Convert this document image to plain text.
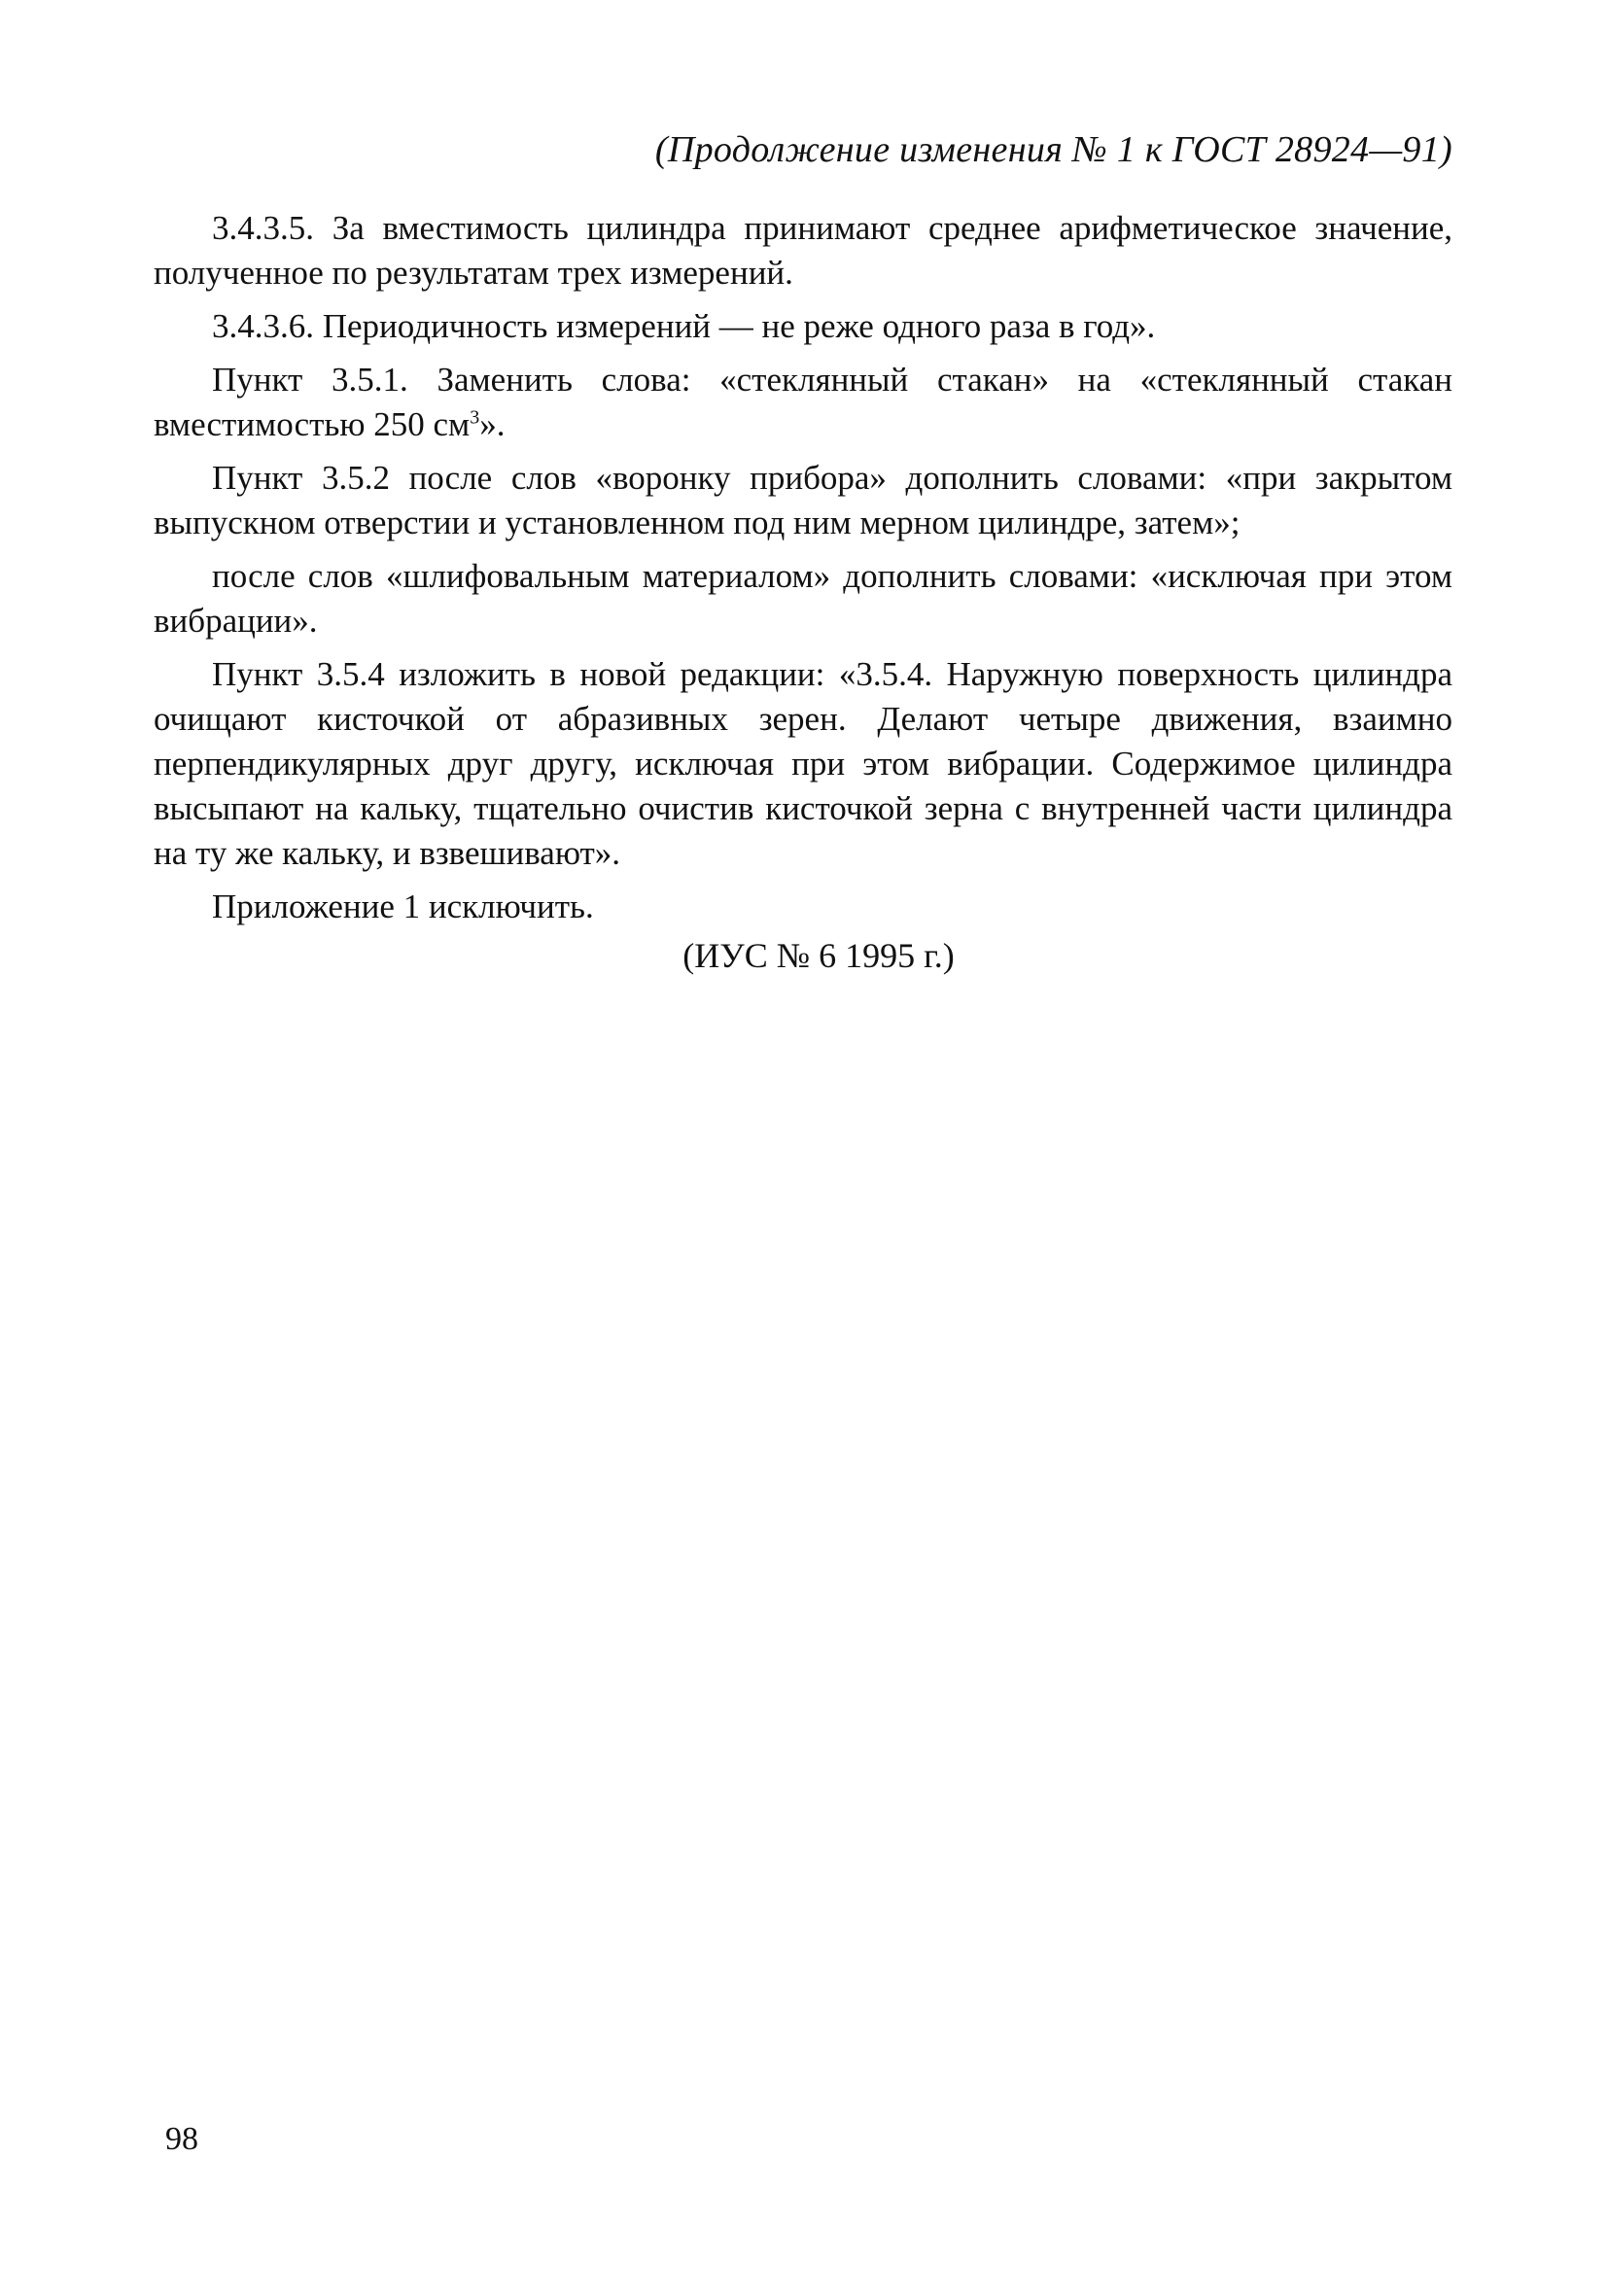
(Продолжение изменения № 1 к ГОСТ 28924—91)

3.4.3.5. За вместимость цилиндра принимают среднее арифметическое значение, полученное по результатам трех измерений.

3.4.3.6. Периодичность измерений — не реже одного раза в год».

Пункт 3.5.1. Заменить слова: «стеклянный стакан» на «стеклянный стакан вместимостью 250 $см^3$».

Пункт 3.5.2 после слов «воронку прибора» дополнить словами: «при закрытом выпускном отверстии и установленном под ним мерном цилиндре, затем»;

после слов «шлифовальным материалом» дополнить словами: «исключая при этом вибрации».

Пункт 3.5.4 изложить в новой редакции: «3.5.4. Наружную поверхность цилиндра очищают кисточкой от абразивных зерен. Делают четыре движения, взаимно перпендикулярных друг другу, исключая при этом вибрации. Содержимое цилиндра высыпают на кальку, тщательно очистив кисточкой зерна с внутренней части цилиндра на ту же кальку, и взвешивают».

Приложение 1 исключить.

(ИУС № 6 1995 г.)
98
